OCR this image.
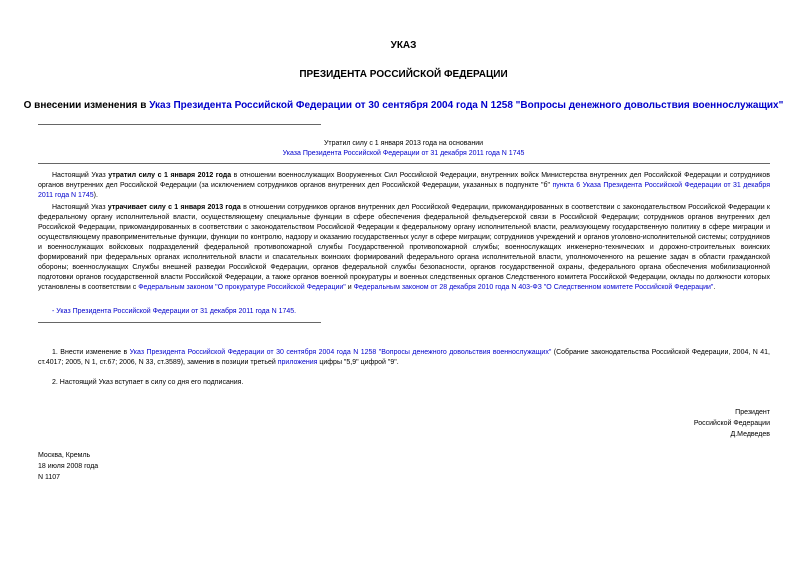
УКАЗ
ПРЕЗИДЕНТА РОССИЙСКОЙ ФЕДЕРАЦИИ
О внесении изменения в Указ Президента Российской Федерации от 30 сентября 2004 года N 1258 "Вопросы денежного довольствия военнослужащих"
Утратил силу с 1 января 2013 года на основании
Указа Президента Российской Федерации от 31 декабря 2011 года N 1745
Настоящий Указ утратил силу с 1 января 2012 года в отношении военнослужащих Вооруженных Сил Российской Федерации, внутренних войск Министерства внутренних дел Российской Федерации и сотрудников органов внутренних дел Российской Федерации (за исключением сотрудников органов внутренних дел Российской Федерации, указанных в подпункте "б" пункта 6 Указа Президента Российской Федерации от 31 декабря 2011 года N 1745).
Настоящий Указ утрачивает силу с 1 января 2013 года в отношении сотрудников органов внутренних дел Российской Федерации, прикомандированных в соответствии с законодательством Российской Федерации к федеральному органу исполнительной власти, осуществляющему специальные функции в сфере обеспечения федеральной фельдъегерской связи в Российской Федерации; сотрудников органов внутренних дел Российской Федерации, прикомандированных в соответствии с законодательством Российской Федерации к федеральному органу исполнительной власти, реализующему государственную политику в сфере миграции и осуществляющему правоприменительные функции, функции по контролю, надзору и оказанию государственных услуг в сфере миграции; сотрудников учреждений и органов уголовно-исполнительной системы; сотрудников и военнослужащих войсковых подразделений федеральной противопожарной службы Государственной противопожарной службы; военнослужащих инженерно-технических и дорожно-строительных воинских формирований при федеральных органах исполнительной власти и спасательных воинских формирований федерального органа исполнительной власти, уполномоченного на решение задач в области гражданской обороны; военнослужащих Службы внешней разведки Российской Федерации, органов федеральной службы безопасности, органов государственной охраны, федерального органа обеспечения мобилизационной подготовки органов государственной власти Российской Федерации, а также органов военной прокуратуры и военных следственных органов Следственного комитета Российской Федерации, оклады по должности которых установлены в соответствии с Федеральным законом "О прокуратуре Российской Федерации" и Федеральным законом от 28 декабря 2010 года N 403-ФЗ "О Следственном комитете Российской Федерации".
- Указ Президента Российской Федерации от 31 декабря 2011 года N 1745.
1. Внести изменение в Указ Президента Российской Федерации от 30 сентября 2004 года N 1258 "Вопросы денежного довольствия военнослужащих" (Собрание законодательства Российской Федерации, 2004, N 41, ст.4017; 2005, N 1, ст.67; 2006, N 33, ст.3589), заменив в позиции третьей приложения цифры "5,9" цифрой "9".
2. Настоящий Указ вступает в силу со дня его подписания.
Президент
Российской Федерации
Д.Медведев
Москва, Кремль
18 июля 2008 года
N 1107
